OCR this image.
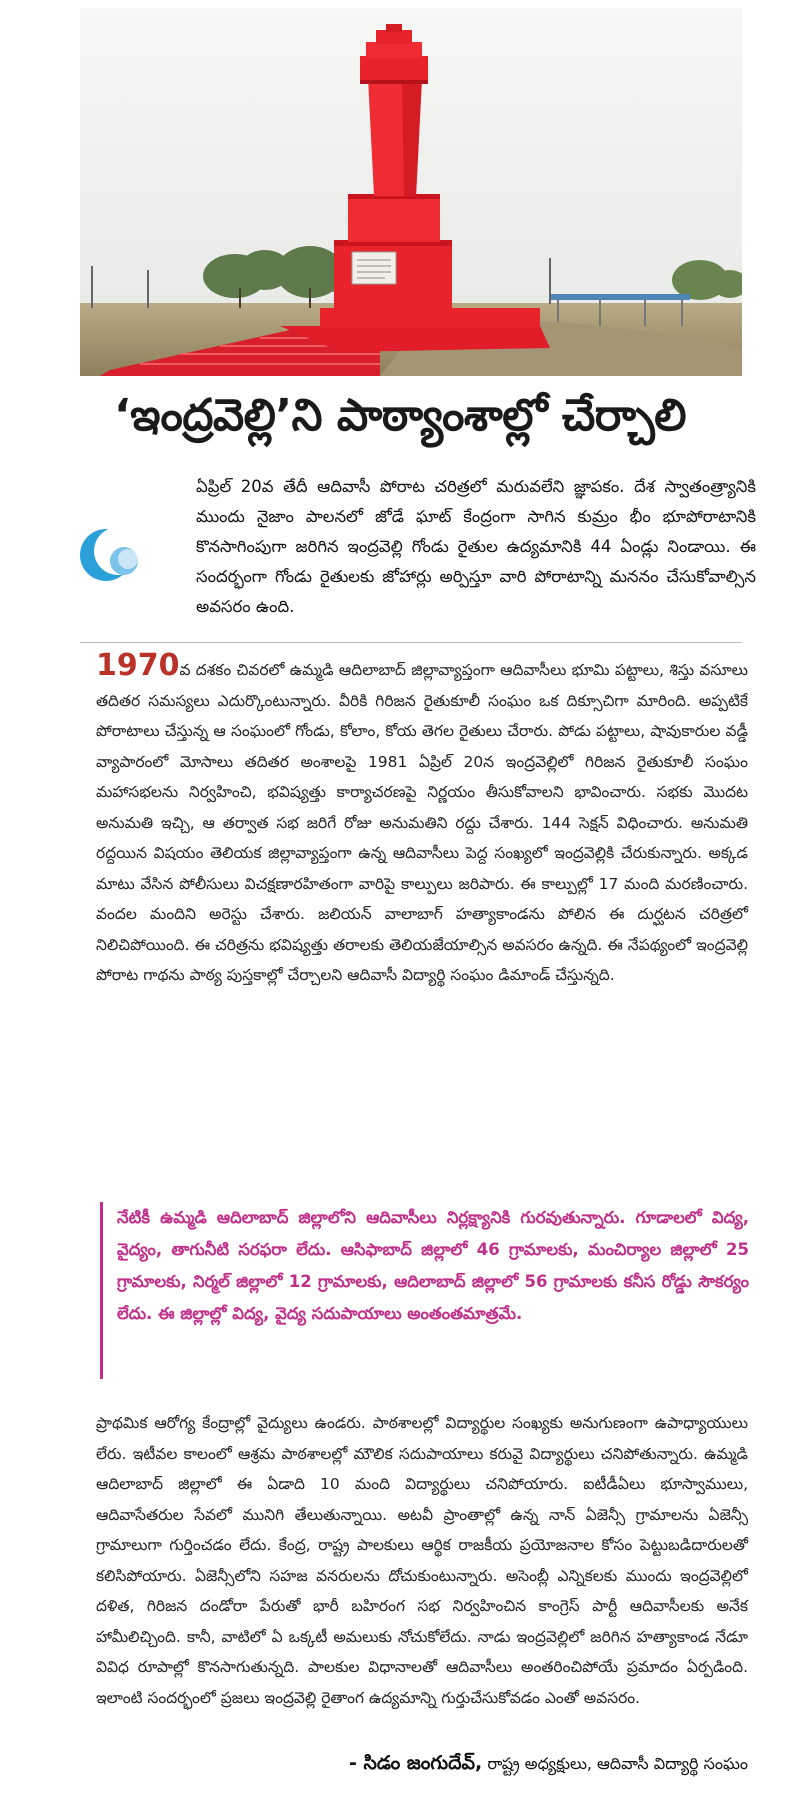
‘ఇంద్రవెల్లి’ని పాఠ్యాంశాల్లో చేర్చాలి
ఏప్రిల్ 20వ తేదీ ఆదివాసీ పోరాట చరిత్రలో మరువలేని జ్ఞాపకం. దేశ స్వాతంత్ర్యానికి ముందు నైజాం పాలనలో జోడే ఘాట్ కేంద్రంగా సాగిన కుమ్రం భీం భూపోరాటానికి కొనసాగింపుగా జరిగిన ఇంద్రవెల్లి గోండు రైతుల ఉద్యమానికి 44 ఏండ్లు నిండాయి. ఈ సందర్భంగా గోండు రైతులకు జోహార్లు అర్పిస్తూ వారి పోరాటాన్ని మననం చేసుకోవాల్సిన అవసరం ఉంది.
1970వ దశకం చివరలో ఉమ్మడి ఆదిలాబాద్ జిల్లావ్యాప్తంగా ఆదివాసీలు భూమి పట్టాలు, శిస్తు వసూలు తదితర సమస్యలు ఎదుర్కొంటున్నారు. వీరికి గిరిజన రైతుకూలీ సంఘం ఒక దిక్సూచిగా మారింది. అప్పటికే పోరాటాలు చేస్తున్న ఆ సంఘంలో గోండు, కోలాం, కోయ తెగల రైతులు చేరారు. పోడు పట్టాలు, షావుకారుల వడ్డీ వ్యాపారంలో మోసాలు తదితర అంశాలపై 1981 ఏప్రిల్ 20న ఇంద్రవెల్లిలో గిరిజన రైతుకూలీ సంఘం మహాసభలను నిర్వహించి, భవిష్యత్తు కార్యాచరణపై నిర్ణయం తీసుకోవాలని భావించారు. సభకు మొదట అనుమతి ఇచ్చి, ఆ తర్వాత సభ జరిగే రోజు అనుమతిని రద్దు చేశారు. 144 సెక్షన్ విధించారు. అనుమతి రద్దయిన విషయం తెలియక జిల్లావ్యాప్తంగా ఉన్న ఆదివాసీలు పెద్ద సంఖ్యలో ఇంద్రవెల్లికి చేరుకున్నారు. అక్కడ మాటు వేసిన పోలీసులు విచక్షణారహితంగా వారిపై కాల్పులు జరిపారు. ఈ కాల్పుల్లో 17 మంది మరణించారు. వందల మందిని అరెస్టు చేశారు. జలియన్ వాలాబాగ్ హత్యాకాండను పోలిన ఈ దుర్ఘటన చరిత్రలో నిలిచిపోయింది. ఈ చరిత్రను భవిష్యత్తు తరాలకు తెలియజేయాల్సిన అవసరం ఉన్నది. ఈ నేపథ్యంలో ఇంద్రవెల్లి పోరాట గాథను పాఠ్య పుస్తకాల్లో చేర్చాలని ఆదివాసీ విద్యార్థి సంఘం డిమాండ్ చేస్తున్నది.
నేటికీ ఉమ్మడి ఆదిలాబాద్ జిల్లాలోని ఆదివాసీలు నిర్లక్ష్యానికి గురవుతున్నారు. గూడాలలో విద్య, వైద్యం, తాగునీటి సరఫరా లేదు. ఆసిఫాబాద్ జిల్లాలో 46 గ్రామాలకు, మంచిర్యాల జిల్లాలో 25 గ్రామాలకు, నిర్మల్ జిల్లాలో 12 గ్రామాలకు, ఆదిలాబాద్ జిల్లాలో 56 గ్రామాలకు కనీస రోడ్డు సౌకర్యం లేదు. ఈ జిల్లాల్లో విద్య, వైద్య సదుపాయాలు అంతంతమాత్రమే.
ప్రాథమిక ఆరోగ్య కేంద్రాల్లో వైద్యులు ఉండరు. పాఠశాలల్లో విద్యార్థుల సంఖ్యకు అనుగుణంగా ఉపాధ్యాయులు లేరు. ఇటీవల కాలంలో ఆశ్రమ పాఠశాలల్లో మౌలిక సదుపాయాలు కరువై విద్యార్థులు చనిపోతున్నారు. ఉమ్మడి ఆదిలాబాద్ జిల్లాలో ఈ ఏడాది 10 మంది విద్యార్థులు చనిపోయారు. ఐటీడీఏలు భూస్వాములు, ఆదివాసేతరుల సేవలో మునిగి తేలుతున్నాయి. అటవీ ప్రాంతాల్లో ఉన్న నాన్ ఏజెన్సీ గ్రామాలను ఏజెన్సీ గ్రామాలుగా గుర్తించడం లేదు. కేంద్ర, రాష్ట్ర పాలకులు ఆర్థిక రాజకీయ ప్రయోజనాల కోసం పెట్టుబడిదారులతో కలిసిపోయారు. ఏజెన్సీలోని సహజ వనరులను దోచుకుంటున్నారు. అసెంబ్లీ ఎన్నికలకు ముందు ఇంద్రవెల్లిలో దళిత, గిరిజన దండోరా పేరుతో భారీ బహిరంగ సభ నిర్వహించిన కాంగ్రెస్ పార్టీ ఆదివాసీలకు అనేక హామీలిచ్చింది. కానీ, వాటిలో ఏ ఒక్కటీ అమలుకు నోచుకోలేదు. నాడు ఇంద్రవెల్లిలో జరిగిన హత్యాకాండ నేడూ వివిధ రూపాల్లో కొనసాగుతున్నది. పాలకుల విధానాలతో ఆదివాసీలు అంతరించిపోయే ప్రమాదం ఏర్పడింది. ఇలాంటి సందర్భంలో ప్రజలు ఇంద్రవెల్లి రైతాంగ ఉద్యమాన్ని గుర్తుచేసుకోవడం ఎంతో అవసరం.
- సిడం జంగుదేవ్, రాష్ట్ర అధ్యక్షులు, ఆదివాసీ విద్యార్థి సంఘం
